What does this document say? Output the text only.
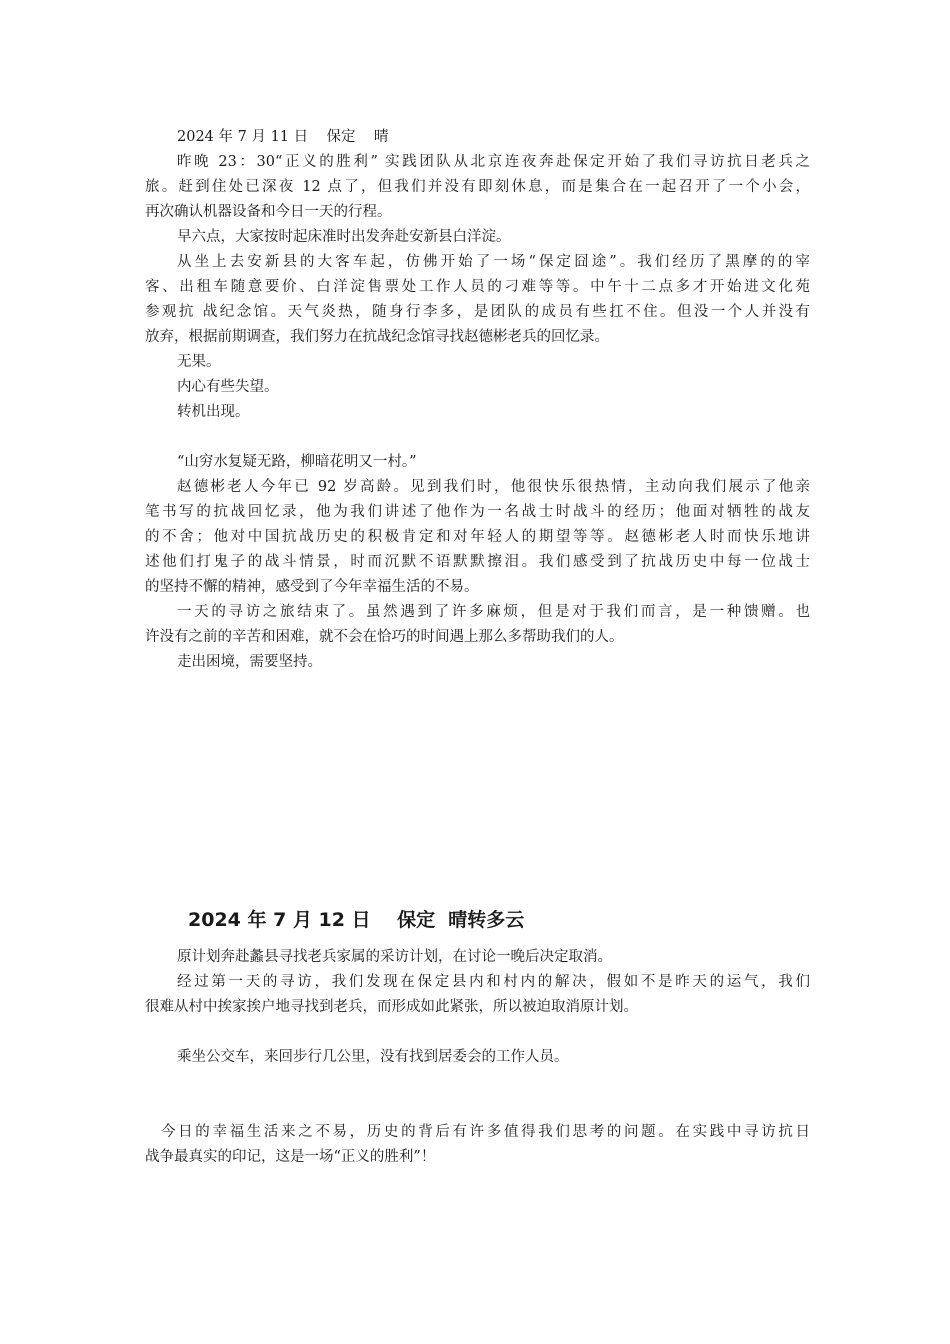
2024 年 7 月 11 日    保定    晴
昨晚 23：30“正义的胜利” 实践团队从北京连夜奔赴保定开始了我们寻访抗日老兵之
旅。赶到住处已深夜 12 点了，但我们并没有即刻休息，而是集合在一起召开了一个小会，
再次确认机器设备和今日一天的行程。
早六点，大家按时起床准时出发奔赴安新县白洋淀。
从坐上去安新县的大客车起，仿佛开始了一场“保定囧途”。我们经历了黑摩的的宰
客、出租车随意要价、白洋淀售票处工作人员的刁难等等。中午十二点多才开始进文化苑
参观抗 战纪念馆。天气炎热，随身行李多，是团队的成员有些扛不住。但没一个人并没有
放弃，根据前期调查，我们努力在抗战纪念馆寻找赵德彬老兵的回忆录。
无果。
内心有些失望。
转机出现。
“山穷水复疑无路，柳暗花明又一村。”
赵德彬老人今年已 92 岁高龄。见到我们时，他很快乐很热情，主动向我们展示了他亲
笔书写的抗战回忆录，他为我们讲述了他作为一名战士时战斗的经历；他面对牺牲的战友
的不舍；他对中国抗战历史的积极肯定和对年轻人的期望等等。赵德彬老人时而快乐地讲
述他们打鬼子的战斗情景，时而沉默不语默默擦泪。我们感受到了抗战历史中每一位战士
的坚持不懈的精神，感受到了今年幸福生活的不易。
一天的寻访之旅结束了。虽然遇到了许多麻烦，但是对于我们而言，是一种馈赠。也
许没有之前的辛苦和困难，就不会在恰巧的时间遇上那么多帮助我们的人。
走出困境，需要坚持。
2024 年 7 月 12 日    保定  晴转多云
原计划奔赴蠡县寻找老兵家属的采访计划，在讨论一晚后决定取消。
经过第一天的寻访，我们发现在保定县内和村内的解决，假如不是昨天的运气，我们
很难从村中挨家挨户地寻找到老兵，而形成如此紧张，所以被迫取消原计划。
乘坐公交车，来回步行几公里，没有找到居委会的工作人员。
今日的幸福生活来之不易，历史的背后有许多值得我们思考的问题。在实践中寻访抗日
战争最真实的印记，这是一场“正义的胜利”！
